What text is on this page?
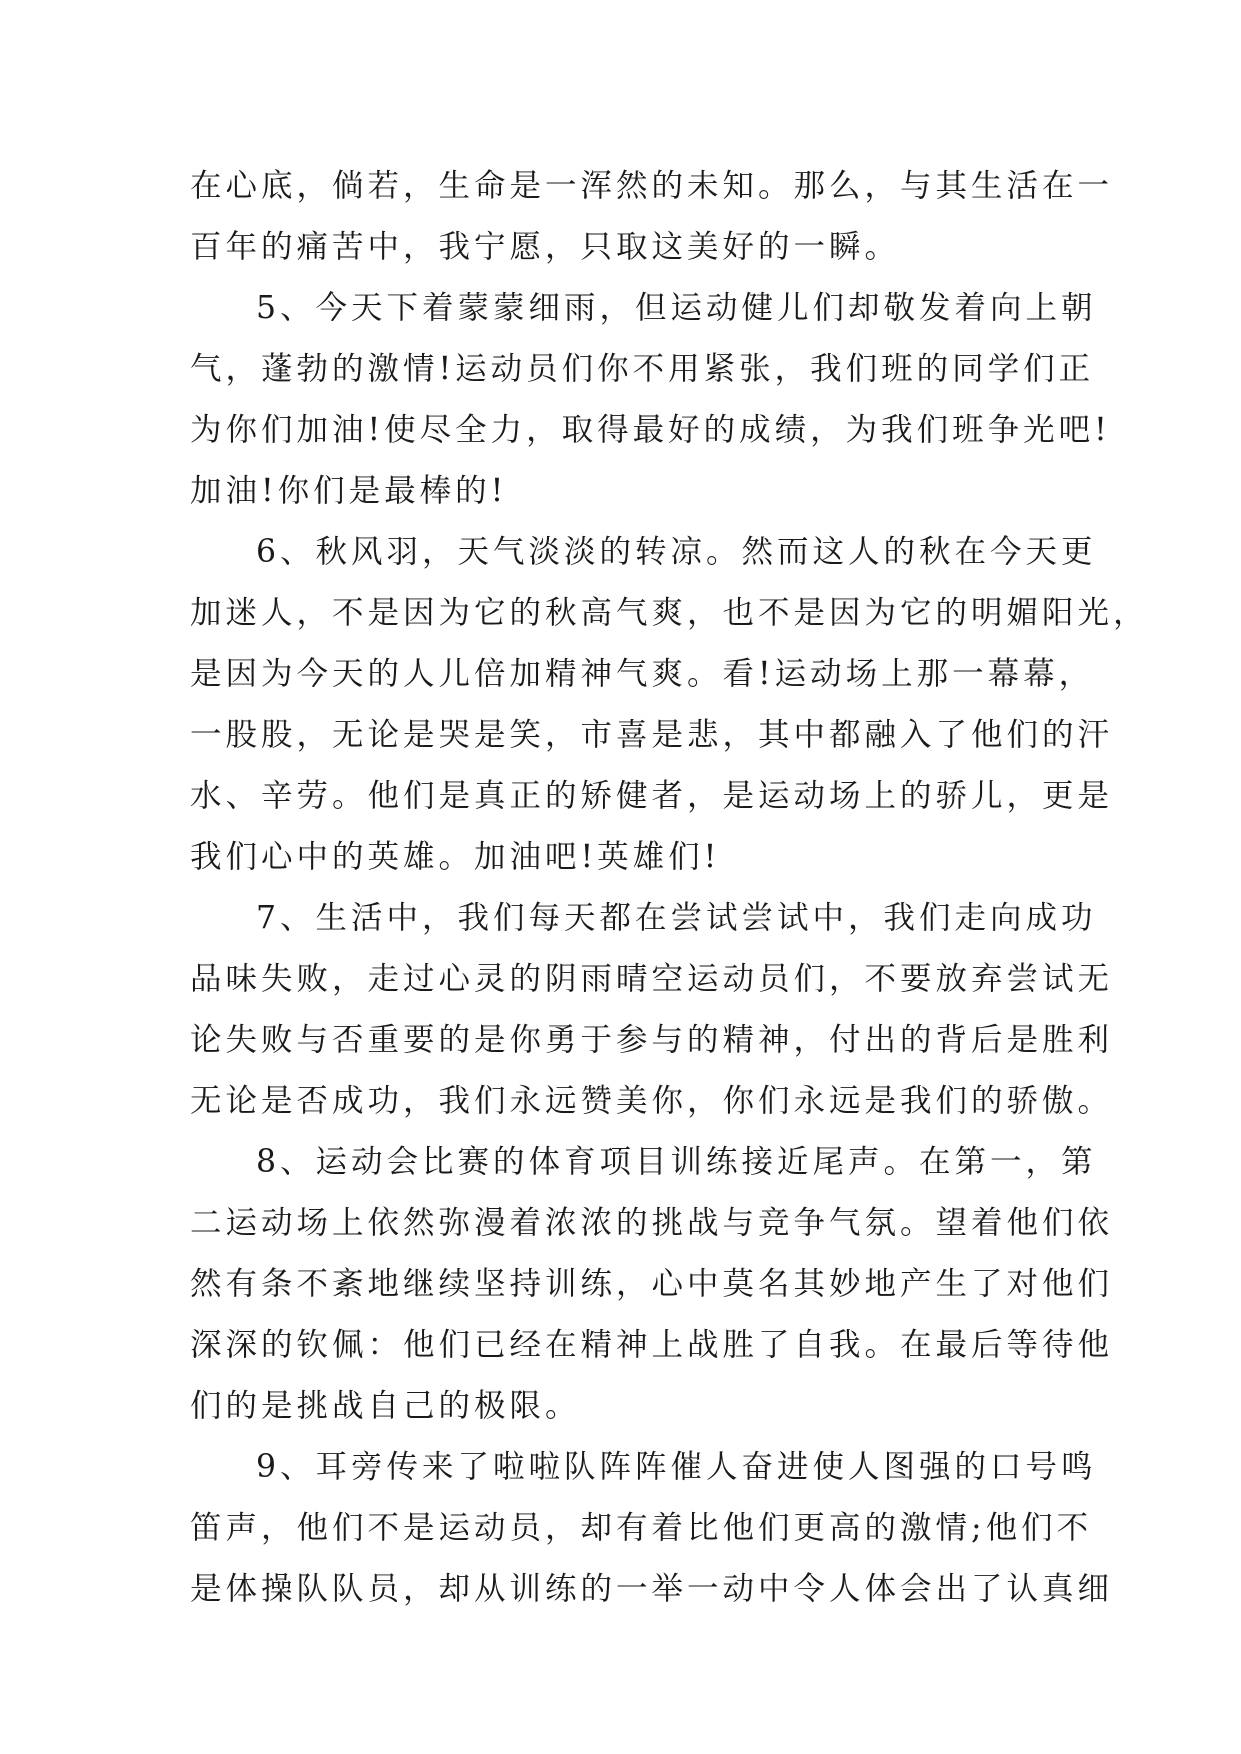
在心底，倘若，生命是一浑然的未知。那么，与其生活在一
百年的痛苦中，我宁愿，只取这美好的一瞬。
5、今天下着蒙蒙细雨，但运动健儿们却敬发着向上朝
气，蓬勃的激情!运动员们你不用紧张，我们班的同学们正
为你们加油!使尽全力，取得最好的成绩，为我们班争光吧!
加油!你们是最棒的!
6、秋风羽，天气淡淡的转凉。然而这人的秋在今天更
加迷人，不是因为它的秋高气爽，也不是因为它的明媚阳光，
是因为今天的人儿倍加精神气爽。看!运动场上那一幕幕，
一股股，无论是哭是笑，市喜是悲，其中都融入了他们的汗
水、辛劳。他们是真正的矫健者，是运动场上的骄儿，更是
我们心中的英雄。加油吧!英雄们!
7、生活中，我们每天都在尝试尝试中，我们走向成功
品味失败，走过心灵的阴雨晴空运动员们，不要放弃尝试无
论失败与否重要的是你勇于参与的精神，付出的背后是胜利
无论是否成功，我们永远赞美你，你们永远是我们的骄傲。
8、运动会比赛的体育项目训练接近尾声。在第一，第
二运动场上依然弥漫着浓浓的挑战与竞争气氛。望着他们依
然有条不紊地继续坚持训练，心中莫名其妙地产生了对他们
深深的钦佩：他们已经在精神上战胜了自我。在最后等待他
们的是挑战自己的极限。
9、耳旁传来了啦啦队阵阵催人奋进使人图强的口号鸣
笛声，他们不是运动员，却有着比他们更高的激情;他们不
是体操队队员，却从训练的一举一动中令人体会出了认真细
